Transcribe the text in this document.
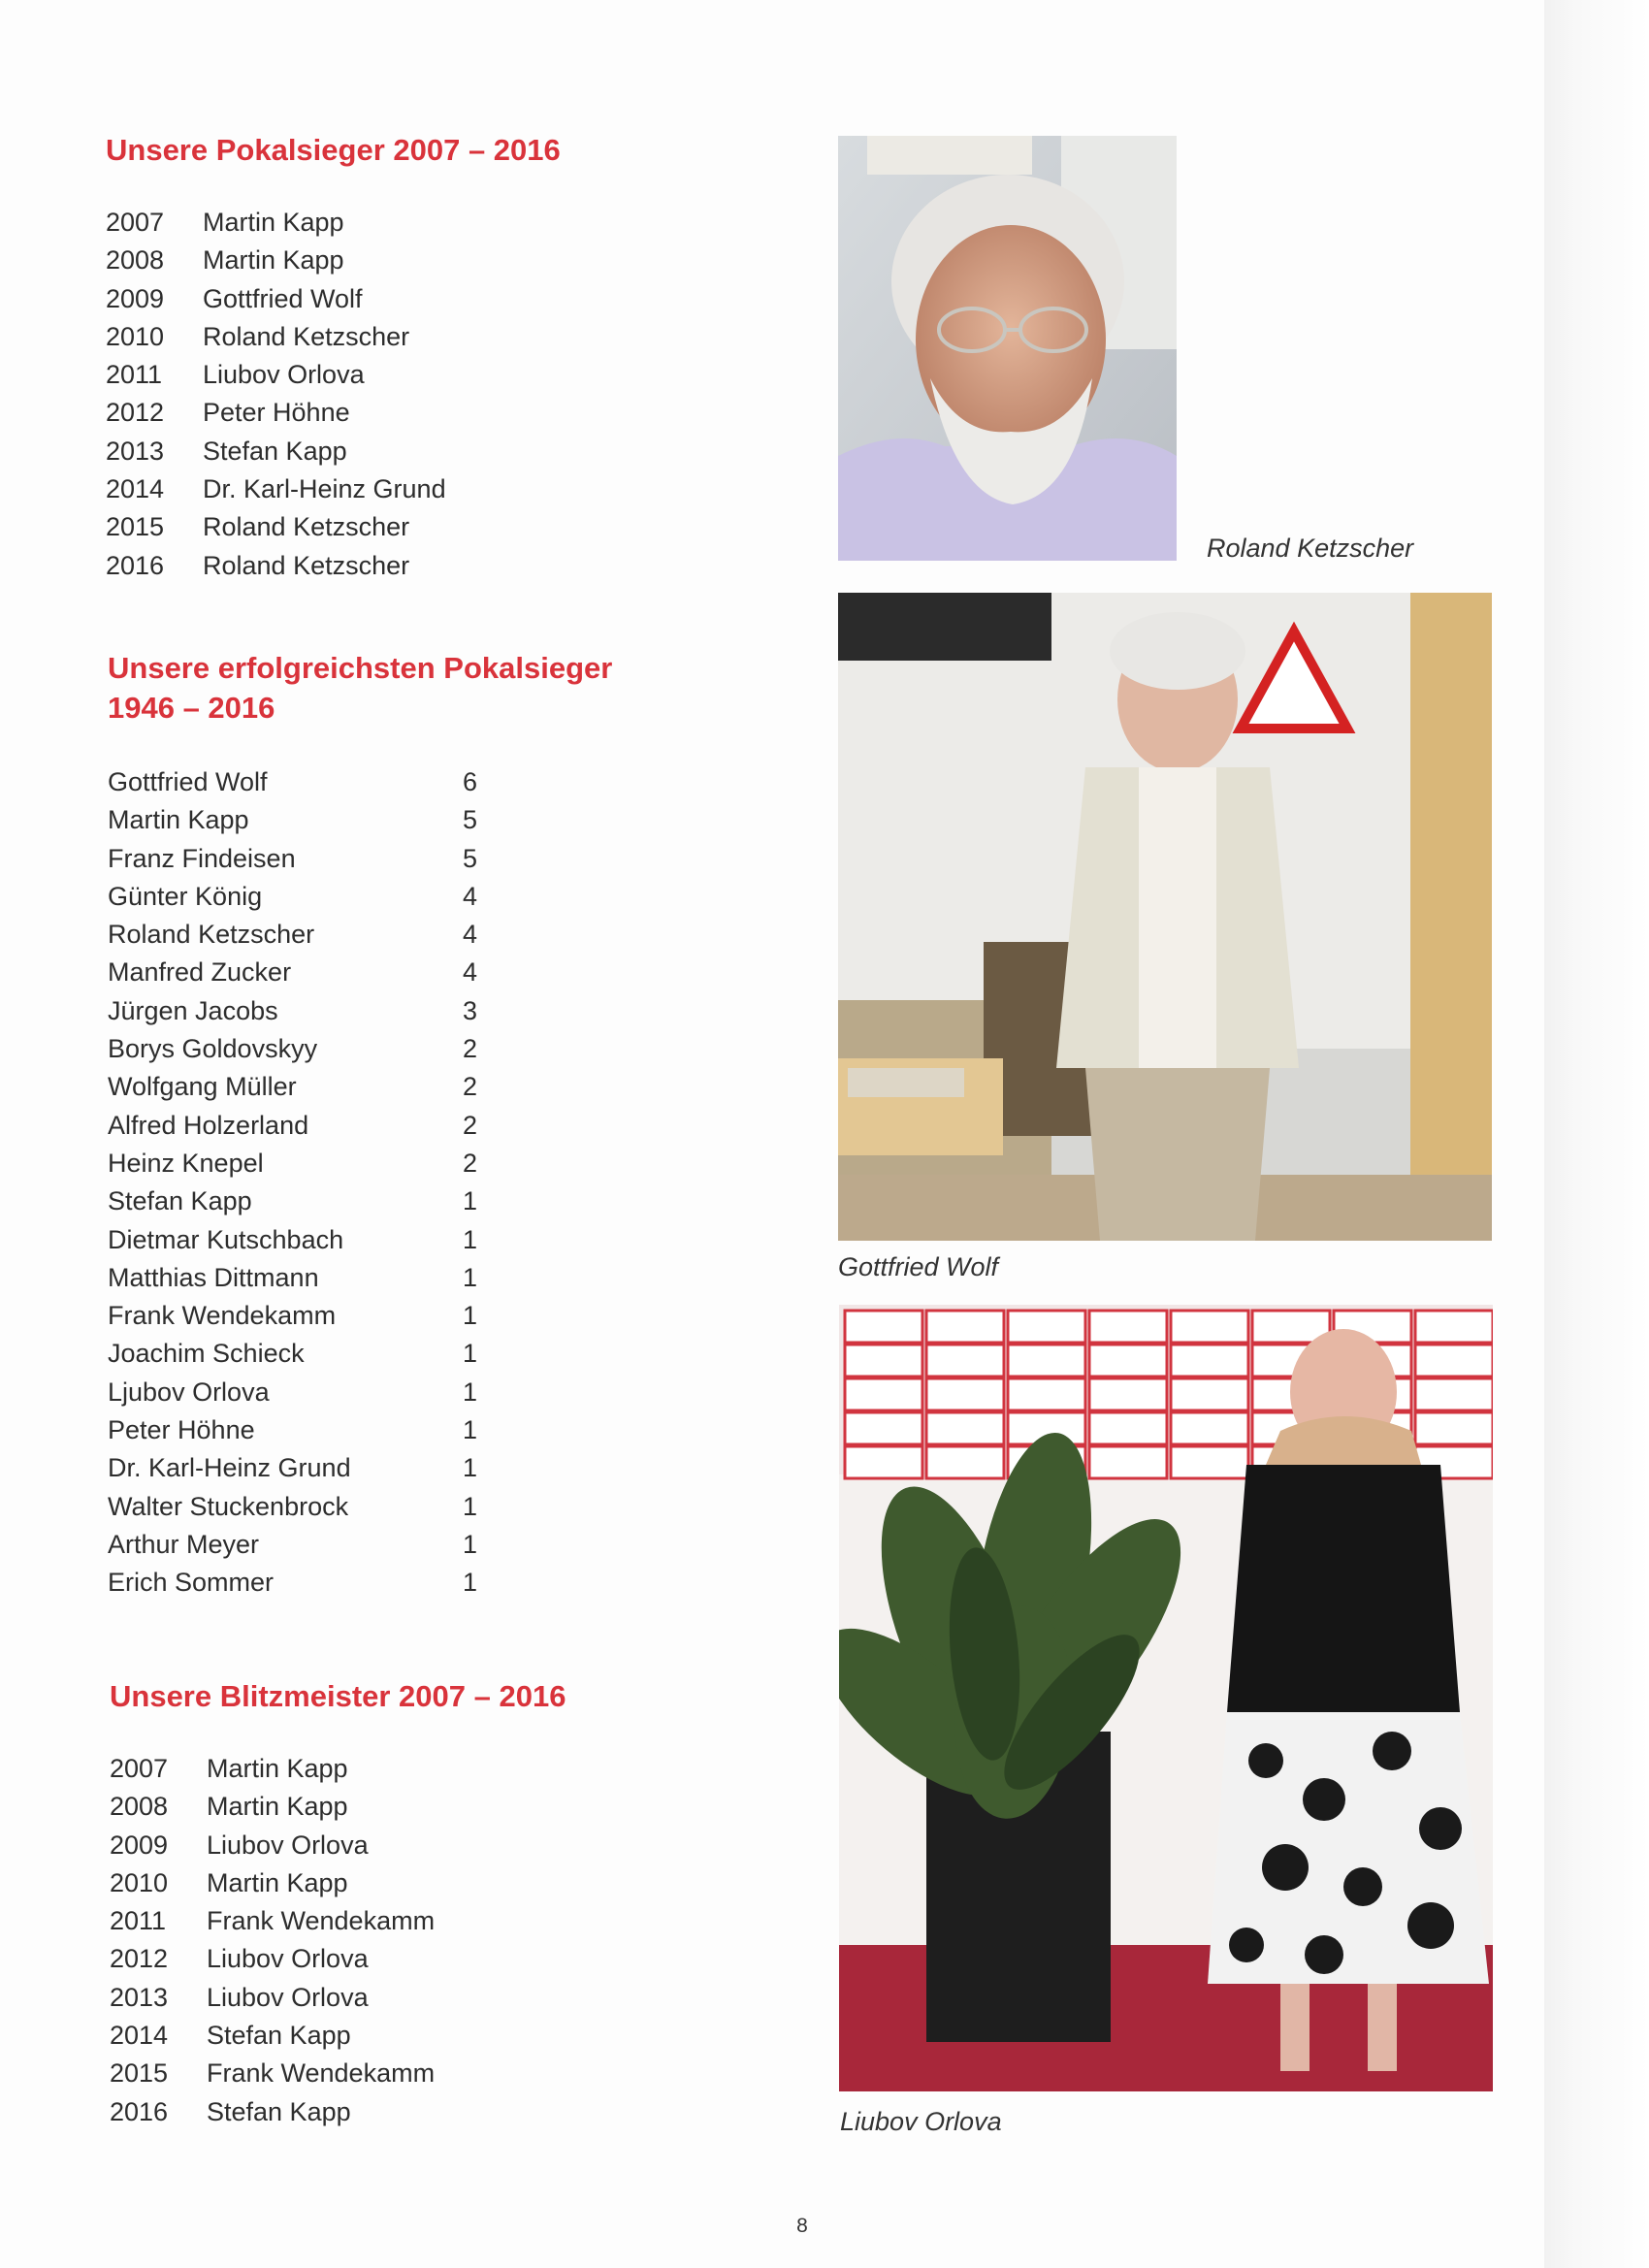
Unsere Pokalsieger 2007 – 2016
2007 Martin Kapp
2008 Martin Kapp
2009 Gottfried Wolf
2010 Roland Ketzscher
2011 Liubov Orlova
2012 Peter Höhne
2013 Stefan Kapp
2014 Dr. Karl-Heinz Grund
2015 Roland Ketzscher
2016 Roland Ketzscher
Unsere erfolgreichsten Pokalsieger
1946 – 2016
Gottfried Wolf	6
Martin Kapp	5
Franz Findeisen	5
Günter König	4
Roland Ketzscher	4
Manfred Zucker	4
Jürgen Jacobs	3
Borys Goldovskyy	2
Wolfgang Müller	2
Alfred Holzerland	2
Heinz Knepel	2
Stefan Kapp	1
Dietmar Kutschbach	1
Matthias Dittmann	1
Frank Wendekamm	1
Joachim Schieck	1
Ljubov Orlova	1
Peter Höhne	1
Dr. Karl-Heinz Grund	1
Walter Stuckenbrock	1
Arthur Meyer	1
Erich Sommer	1
Unsere Blitzmeister 2007 – 2016
2007 Martin Kapp
2008 Martin Kapp
2009 Liubov Orlova
2010 Martin Kapp
2011 Frank Wendekamm
2012 Liubov Orlova
2013 Liubov Orlova
2014 Stefan Kapp
2015 Frank Wendekamm
2016 Stefan Kapp

Roland Ketzscher

Gottfried Wolf

Liubov Orlova

8
